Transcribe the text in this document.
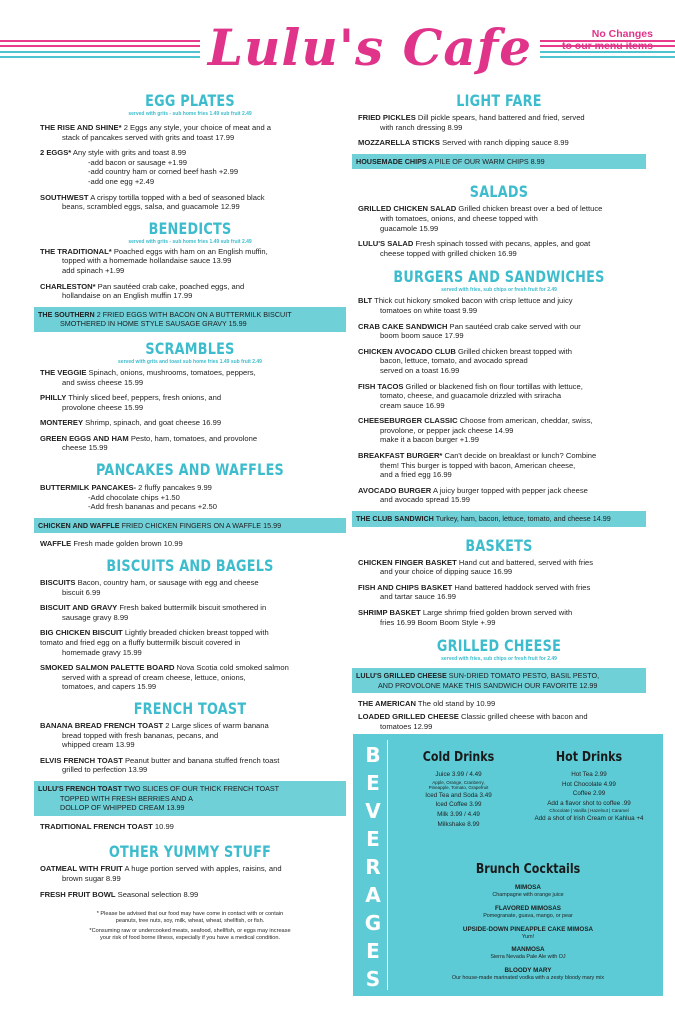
Lulu's Cafe	No Changes
to our menu items
EGG PLATES
served with grits - sub home fries 1.49 sub fruit 2.49
THE RISE AND SHINE* 2 Eggs any style, your choice of meat and a
stack of pancakes served with grits and toast 17.99
2 EGGS* Any style with grits and toast 8.99
-add bacon or sausage +1.99
-add country ham or corned beef hash +2.99
-add one egg +2.49
SOUTHWEST A crispy tortilla topped with a bed of seasoned black
beans, scrambled eggs, salsa, and guacamole 12.99
BENEDICTS
served with grits - sub home fries 1.49 sub fruit 2.49
THE TRADITIONAL* Poached eggs with ham on an English muffin,
topped with a homemade hollandaise sauce 13.99
add spinach +1.99
CHARLESTON* Pan sautéed crab cake, poached eggs, and
hollandaise on an English muffin 17.99
THE SOUTHERN 2 FRIED EGGS WITH BACON ON A BUTTERMILK BISCUIT
SMOTHERED IN HOME STYLE SAUSAGE GRAVY 15.99
SCRAMBLES
served with grits and toast sub home fries 1.49 sub fruit 2.49
THE VEGGIE Spinach, onions, mushrooms, tomatoes, peppers,
and swiss cheese 15.99
PHILLY Thinly sliced beef, peppers, fresh onions, and
provolone cheese 15.99
MONTEREY Shrimp, spinach, and goat cheese 16.99
GREEN EGGS AND HAM Pesto, ham, tomatoes, and provolone
cheese 15.99
PANCAKES AND WAFFLES
BUTTERMILK PANCAKES- 2 fluffy pancakes 9.99
-Add chocolate chips +1.50
-Add fresh bananas and pecans +2.50
CHICKEN AND WAFFLE FRIED CHICKEN FINGERS ON A WAFFLE 15.99
WAFFLE Fresh made golden brown 10.99
BISCUITS AND BAGELS
BISCUITS Bacon, country ham, or sausage with egg and cheese
biscuit 6.99
BISCUIT AND GRAVY Fresh baked buttermilk biscuit smothered in
sausage gravy 8.99
BIG CHICKEN BISCUIT Lightly breaded chicken breast topped with
tomato and fried egg on a fluffy buttermilk biscuit covered in
homemade gravy 15.99
SMOKED SALMON PALETTE BOARD Nova Scotia cold smoked salmon
served with a spread of cream cheese, lettuce, onions,
tomatoes, and capers 15.99
FRENCH TOAST
BANANA BREAD FRENCH TOAST 2 Large slices of warm banana
bread topped with fresh bananas, pecans, and
whipped cream 13.99
ELVIS FRENCH TOAST Peanut butter and banana stuffed french toast
grilled to perfection 13.99
LULU'S FRENCH TOAST TWO SLICES OF OUR THICK FRENCH TOAST
TOPPED WITH FRESH BERRIES AND A
DOLLOP OF WHIPPED CREAM 13.99
TRADITIONAL FRENCH TOAST 10.99
OTHER YUMMY STUFF
OATMEAL WITH FRUIT A huge portion served with apples, raisins, and
brown sugar 8.99
FRESH FRUIT BOWL Seasonal selection 8.99
* Please be advised that our food may have come in contact with or contain
peanuts, tree nuts, soy, milk, wheat, wheat, shellfish, or fish.
*Consuming raw or undercooked meats, seafood, shellfish, or eggs may increase
your risk of food borne illness, especially if you have a medical condition.
LIGHT FARE
FRIED PICKLES Dill pickle spears, hand battered and fried, served
with ranch dressing 8.99
MOZZARELLA STICKS Served with ranch dipping sauce 8.99
HOUSEMADE CHIPS A PILE OF OUR WARM CHIPS 8.99
SALADS
GRILLED CHICKEN SALAD Grilled chicken breast over a bed of lettuce
with tomatoes, onions, and cheese topped with
guacamole 15.99
LULU'S SALAD Fresh spinach tossed with pecans, apples, and goat
cheese topped with grilled chicken 16.99
BURGERS AND SANDWICHES
served with fries, sub chips or fresh fruit for 2.49
BLT Thick cut hickory smoked bacon with crisp lettuce and juicy
tomatoes on white toast 9.99
CRAB CAKE SANDWICH Pan sautéed crab cake served with our
boom boom sauce 17.99
CHICKEN AVOCADO CLUB Grilled chicken breast topped with
bacon, lettuce, tomato, and avocado spread
served on a toast 16.99
FISH TACOS Grilled or blackened fish on flour tortillas with lettuce,
tomato, cheese, and guacamole drizzled with sriracha
cream sauce 16.99
CHEESEBURGER CLASSIC Choose from american, cheddar, swiss,
provolone, or pepper jack cheese 14.99
make it a bacon burger +1.99
BREAKFAST BURGER* Can't decide on breakfast or lunch? Combine
them! This burger is topped with bacon, American cheese,
and a fried egg 16.99
AVOCADO BURGER A juicy burger topped with pepper jack cheese
and avocado spread 15.99
THE CLUB SANDWICH Turkey, ham, bacon, lettuce, tomato, and cheese 14.99
BASKETS
CHICKEN FINGER BASKET Hand cut and battered, served with fries
and your choice of dipping sauce 16.99
FISH AND CHIPS BASKET Hand battered haddock served with fries
and tartar sauce 16.99
SHRIMP BASKET Large shrimp fried golden brown served with
fries 16.99 Boom Boom Style +.99
GRILLED CHEESE
served with fries, sub chips or fresh fruit for 2.49
LULU'S GRILLED CHEESE SUN-DRIED TOMATO PESTO, BASIL PESTO,
AND PROVOLONE MAKE THIS SANDWICH OUR FAVORITE 12.99
THE AMERICAN The old stand by 10.99
LOADED GRILLED CHEESE Classic grilled cheese with bacon and
tomatoes 12.99
B
E
V
E
R
A
G
E
S
Cold Drinks
Juice 3.99 / 4.49
Apple, Orange, Cranberry,
Pineapple, Tomato, Grapefruit
Iced Tea and Soda 3.49
Iced Coffee 3.99
Milk 3.99 / 4.49
Milkshake 8.99
Hot Drinks
Hot Tea 2.99
Hot Chocolate 4.99
Coffee 2.99
Add a flavor shot to coffee .99
Chocolate | Vanilla | Hazelnut | Caramel
Add a shot of Irish Cream or Kahlua +4
Brunch Cocktails
MIMOSA
Champagne with orange juice
FLAVORED MIMOSAS
Pomegranate, guava, mango, or pear
UPSIDE-DOWN PINEAPPLE CAKE MIMOSA
Yum!
MANMOSA
Sierra Nevada Pale Ale with OJ
BLOODY MARY
Our house-made marinated vodka with a zesty bloody mary mix
